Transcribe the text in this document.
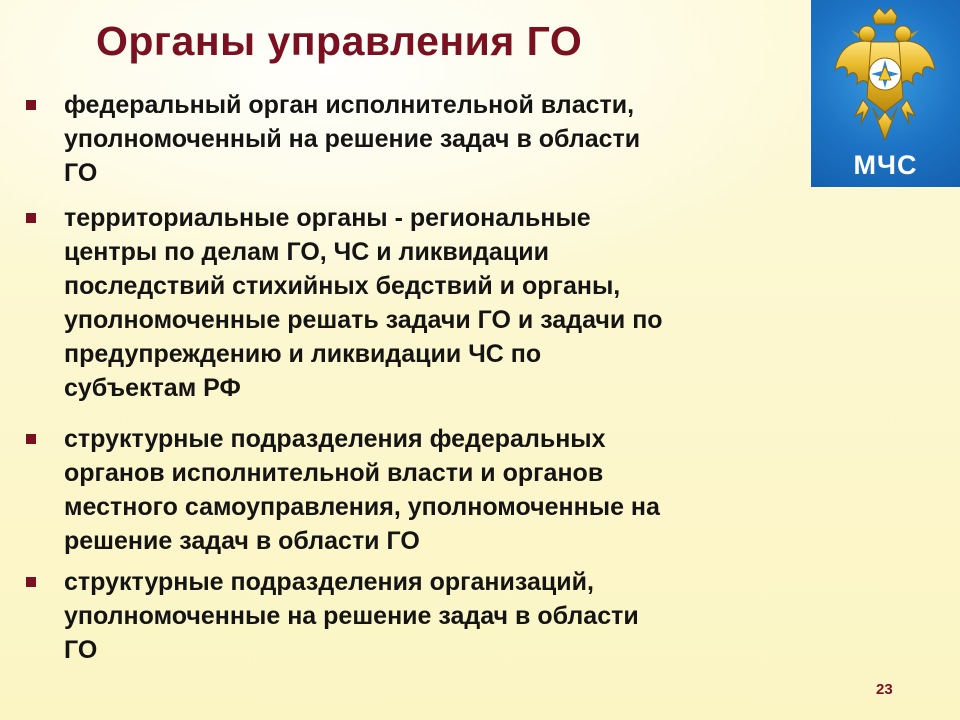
Органы управления ГО
МЧС
федеральный орган исполнительной власти,
уполномоченный на решение задач в области
ГО
территориальные органы - региональные
центры по делам ГО, ЧС и ликвидации
последствий стихийных бедствий и органы,
уполномоченные решать задачи ГО и задачи по
предупреждению и ликвидации ЧС по
субъектам РФ
структурные подразделения федеральных
органов исполнительной власти и органов
местного самоуправления, уполномоченные на
решение задач в области ГО
структурные подразделения организаций,
уполномоченные на решение задач в области
ГО
23
